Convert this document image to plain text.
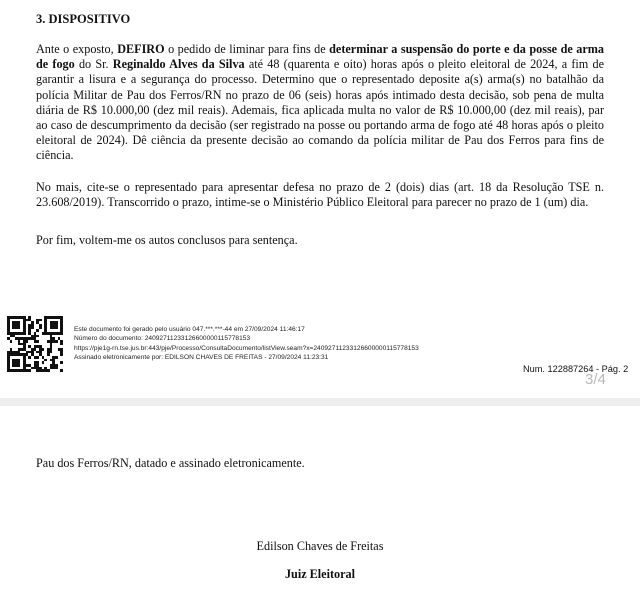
3. DISPOSITIVO

Ante o exposto, DEFIRO o pedido de liminar para fins de determinar a suspensão do porte e da posse de arma de fogo do Sr. Reginaldo Alves da Silva até 48 (quarenta e oito) horas após o pleito eleitoral de 2024, a fim de garantir a lisura e a segurança do processo. Determino que o representado deposite a(s) arma(s) no batalhão da polícia Militar de Pau dos Ferros/RN no prazo de 06 (seis) horas após intimado desta decisão, sob pena de multa diária de R$ 10.000,00 (dez mil reais). Ademais, fica aplicada multa no valor de R$ 10.000,00 (dez mil reais), par ao caso de descumprimento da decisão (ser registrado na posse ou portando arma de fogo até 48 horas após o pleito eleitoral de 2024). Dê ciência da presente decisão ao comando da polícia militar de Pau dos Ferros para fins de ciência.

No mais, cite-se o representado para apresentar defesa no prazo de 2 (dois) dias (art. 18 da Resolução TSE n. 23.608/2019). Transcorrido o prazo, intime-se o Ministério Público Eleitoral para parecer no prazo de 1 (um) dia.

Por fim, voltem-me os autos conclusos para sentença.

Este documento foi gerado pelo usuário 047.***.***-44 em 27/09/2024 11:46:17
Número do documento: 24092711233126600000115778153
https://pje1g-rn.tse.jus.br:443/pje/Processo/ConsultaDocumento/listView.seam?x=24092711233126600000115778153
Assinado eletronicamente por: EDILSON CHAVES DE FREITAS - 27/09/2024 11:23:31
Num. 122887264 - Pág. 2
3/4
Pau dos Ferros/RN, datado e assinado eletronicamente.
Edilson Chaves de Freitas
Juiz Eleitoral
